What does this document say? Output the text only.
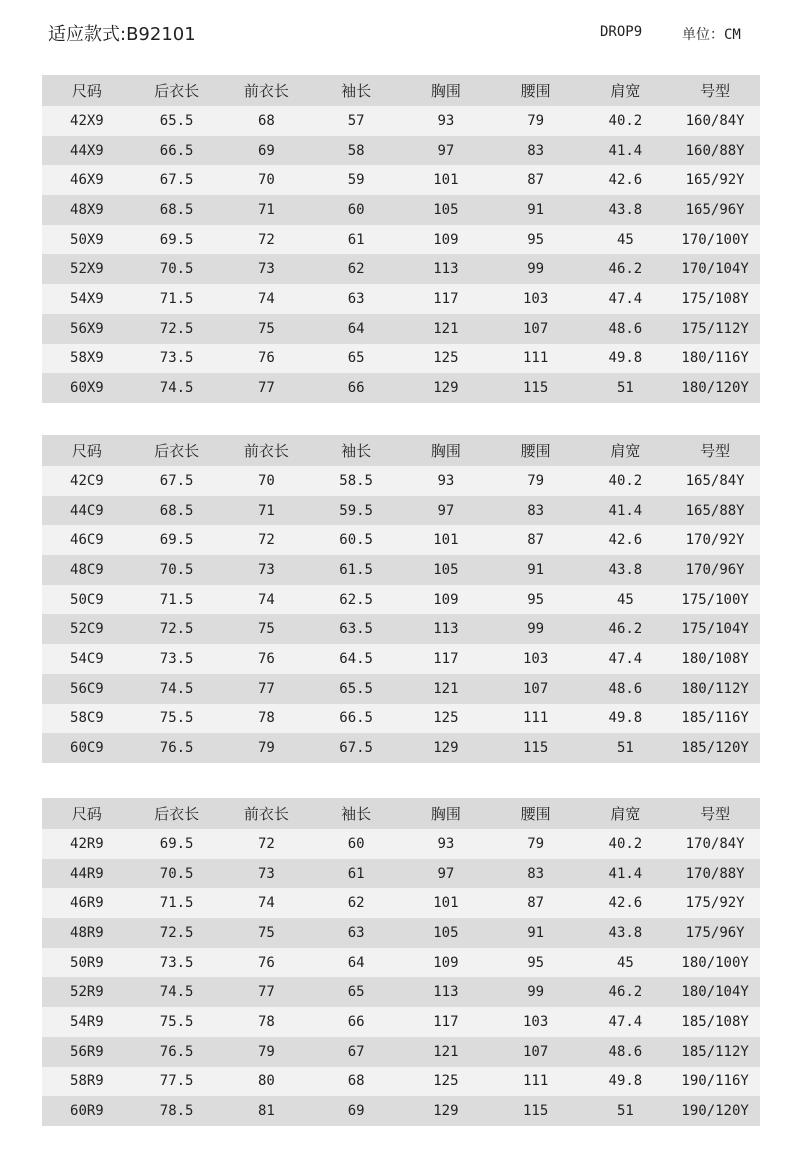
适应款式:B92101	DROP9	单位：CM
尺码	后衣长	前衣长	袖长	胸围	腰围	肩宽	号型
42X9	65.5	68	57	93	79	40.2	160/84Y
44X9	66.5	69	58	97	83	41.4	160/88Y
46X9	67.5	70	59	101	87	42.6	165/92Y
48X9	68.5	71	60	105	91	43.8	165/96Y
50X9	69.5	72	61	109	95	45	170/100Y
52X9	70.5	73	62	113	99	46.2	170/104Y
54X9	71.5	74	63	117	103	47.4	175/108Y
56X9	72.5	75	64	121	107	48.6	175/112Y
58X9	73.5	76	65	125	111	49.8	180/116Y
60X9	74.5	77	66	129	115	51	180/120Y
尺码	后衣长	前衣长	袖长	胸围	腰围	肩宽	号型
42C9	67.5	70	58.5	93	79	40.2	165/84Y
44C9	68.5	71	59.5	97	83	41.4	165/88Y
46C9	69.5	72	60.5	101	87	42.6	170/92Y
48C9	70.5	73	61.5	105	91	43.8	170/96Y
50C9	71.5	74	62.5	109	95	45	175/100Y
52C9	72.5	75	63.5	113	99	46.2	175/104Y
54C9	73.5	76	64.5	117	103	47.4	180/108Y
56C9	74.5	77	65.5	121	107	48.6	180/112Y
58C9	75.5	78	66.5	125	111	49.8	185/116Y
60C9	76.5	79	67.5	129	115	51	185/120Y
尺码	后衣长	前衣长	袖长	胸围	腰围	肩宽	号型
42R9	69.5	72	60	93	79	40.2	170/84Y
44R9	70.5	73	61	97	83	41.4	170/88Y
46R9	71.5	74	62	101	87	42.6	175/92Y
48R9	72.5	75	63	105	91	43.8	175/96Y
50R9	73.5	76	64	109	95	45	180/100Y
52R9	74.5	77	65	113	99	46.2	180/104Y
54R9	75.5	78	66	117	103	47.4	185/108Y
56R9	76.5	79	67	121	107	48.6	185/112Y
58R9	77.5	80	68	125	111	49.8	190/116Y
60R9	78.5	81	69	129	115	51	190/120Y
